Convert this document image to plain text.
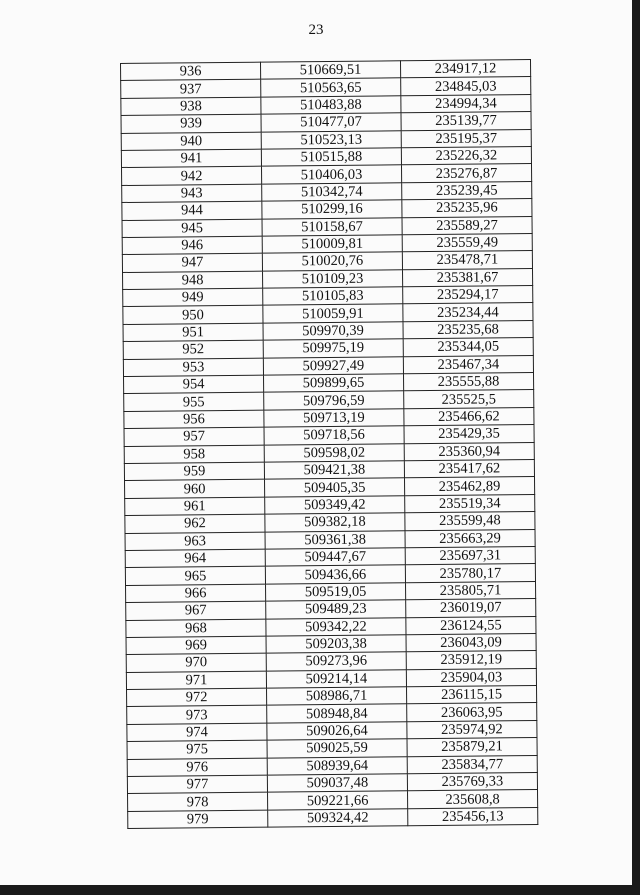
23
936	510669,51	234917,12
937	510563,65	234845,03
938	510483,88	234994,34
939	510477,07	235139,77
940	510523,13	235195,37
941	510515,88	235226,32
942	510406,03	235276,87
943	510342,74	235239,45
944	510299,16	235235,96
945	510158,67	235589,27
946	510009,81	235559,49
947	510020,76	235478,71
948	510109,23	235381,67
949	510105,83	235294,17
950	510059,91	235234,44
951	509970,39	235235,68
952	509975,19	235344,05
953	509927,49	235467,34
954	509899,65	235555,88
955	509796,59	235525,5
956	509713,19	235466,62
957	509718,56	235429,35
958	509598,02	235360,94
959	509421,38	235417,62
960	509405,35	235462,89
961	509349,42	235519,34
962	509382,18	235599,48
963	509361,38	235663,29
964	509447,67	235697,31
965	509436,66	235780,17
966	509519,05	235805,71
967	509489,23	236019,07
968	509342,22	236124,55
969	509203,38	236043,09
970	509273,96	235912,19
971	509214,14	235904,03
972	508986,71	236115,15
973	508948,84	236063,95
974	509026,64	235974,92
975	509025,59	235879,21
976	508939,64	235834,77
977	509037,48	235769,33
978	509221,66	235608,8
979	509324,42	235456,13
